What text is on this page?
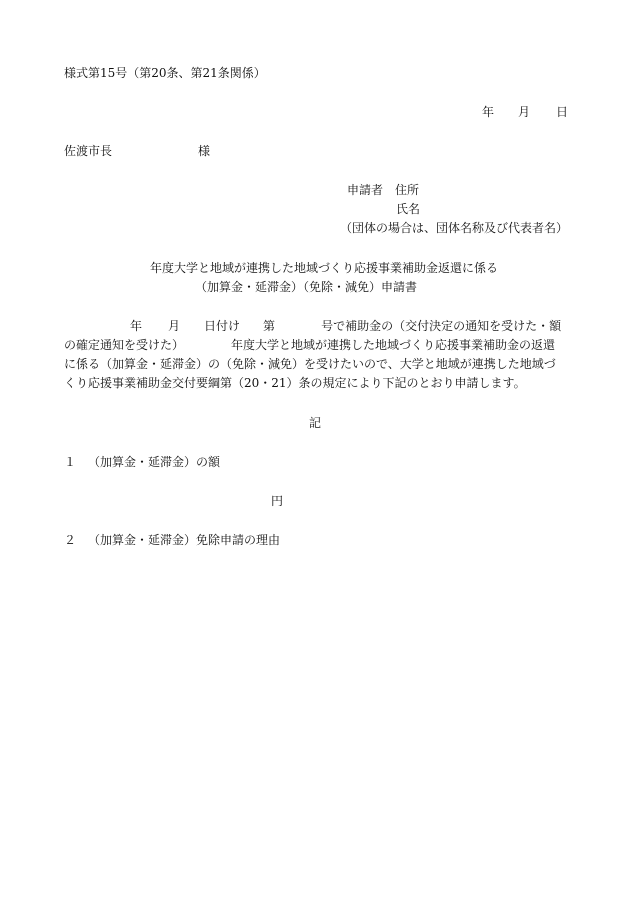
様式第15号（第20条、第21条関係）
年 月 日
佐渡市長	様
申請者 住所
氏名
（団体の場合は、団体名称及び代表者名）
年度大学と地域が連携した地域づくり応援事業補助金返還に係る
（加算金・延滞金）（免除・減免）申請書
年 月 日付け 第	号で補助金の（交付決定の通知を受けた・額
の確定通知を受けた）	年度大学と地域が連携した地域づくり応援事業補助金の返還
に係る（加算金・延滞金）の（免除・減免）を受けたいので、大学と地域が連携した地域づ
くり応援事業補助金交付要綱第（20・21）条の規定により下記のとおり申請します。
記
１ （加算金・延滞金）の額
円
２ （加算金・延滞金）免除申請の理由
